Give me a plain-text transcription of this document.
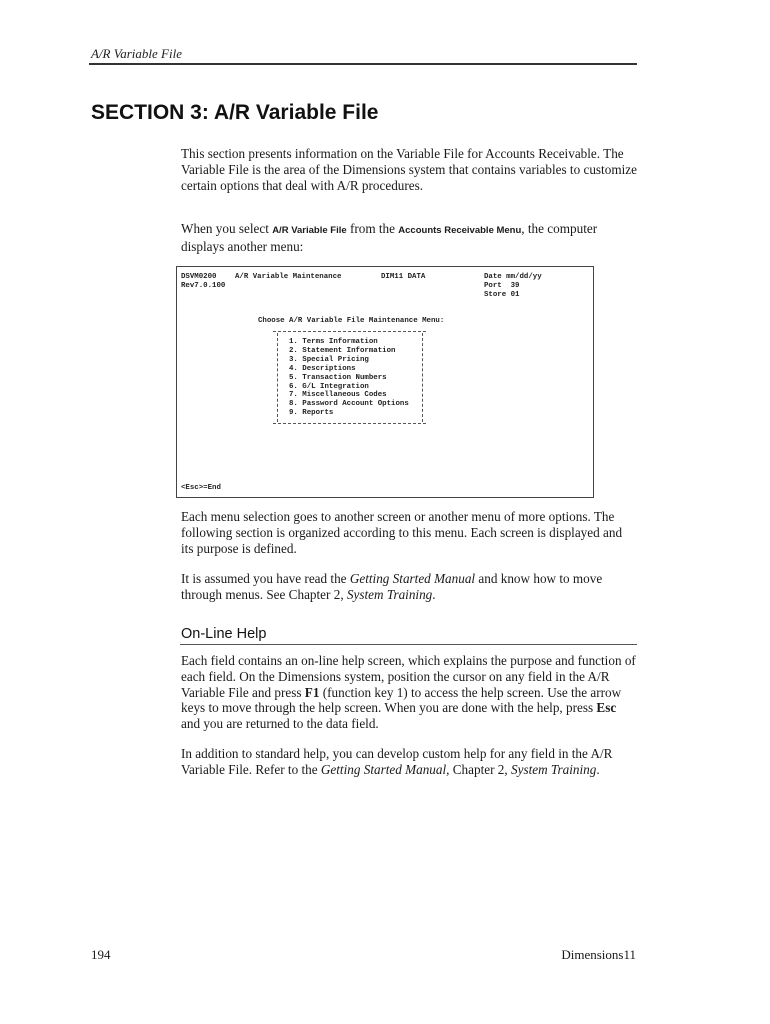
A/R Variable File
SECTION 3: A/R Variable File

This section presents information on the Variable File for Accounts Receivable. The Variable File is the area of the Dimensions system that contains variables to customize certain options that deal with A/R procedures.

When you select A/R Variable File from the Accounts Receivable Menu, the computer displays another menu:

DSVM0200	A/R Variable Maintenance	DIM11 DATA	Date mm/dd/yy
Rev7.0.100	Port  39
Store 01
Choose A/R Variable File Maintenance Menu:
1. Terms Information
2. Statement Information
3. Special Pricing
4. Descriptions
5. Transaction Numbers
6. G/L Integration
7. Miscellaneous Codes
8. Password Account Options
9. Reports
<Esc>=End

Each menu selection goes to another screen or another menu of more options. The following section is organized according to this menu. Each screen is displayed and its purpose is defined.

It is assumed you have read the Getting Started Manual and know how to move through menus. See Chapter 2, System Training.

On-Line Help

Each field contains an on-line help screen, which explains the purpose and function of each field. On the Dimensions system, position the cursor on any field in the A/R Variable File and press F1 (function key 1) to access the help screen. Use the arrow keys to move through the help screen. When you are done with the help, press Esc and you are returned to the data field.

In addition to standard help, you can develop custom help for any field in the A/R Variable File. Refer to the Getting Started Manual, Chapter 2, System Training.

194	Dimensions11
